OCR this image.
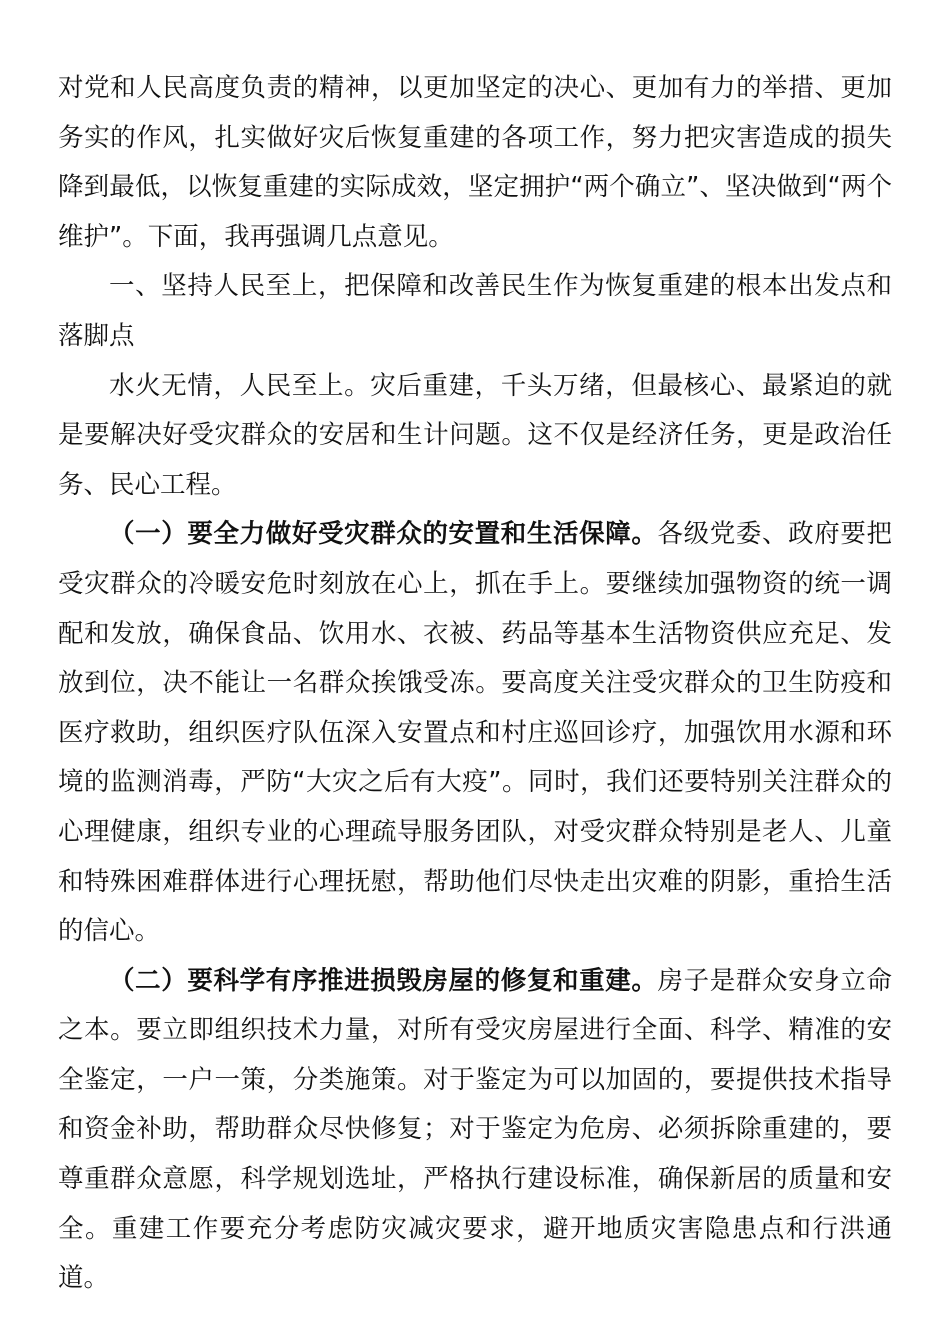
对党和人民高度负责的精神，以更加坚定的决心、更加有力的举措、更加务实的作风，扎实做好灾后恢复重建的各项工作，努力把灾害造成的损失降到最低，以恢复重建的实际成效，坚定拥护“两个确立”、坚决做到“两个维护”。下面，我再强调几点意见。

一、坚持人民至上，把保障和改善民生作为恢复重建的根本出发点和落脚点

水火无情，人民至上。灾后重建，千头万绪，但最核心、最紧迫的就是要解决好受灾群众的安居和生计问题。这不仅是经济任务，更是政治任务、民心工程。

（一）要全力做好受灾群众的安置和生活保障。各级党委、政府要把受灾群众的冷暖安危时刻放在心上，抓在手上。要继续加强物资的统一调配和发放，确保食品、饮用水、衣被、药品等基本生活物资供应充足、发放到位，决不能让一名群众挨饿受冻。要高度关注受灾群众的卫生防疫和医疗救助，组织医疗队伍深入安置点和村庄巡回诊疗，加强饮用水源和环境的监测消毒，严防“大灾之后有大疫”。同时，我们还要特别关注群众的心理健康，组织专业的心理疏导服务团队，对受灾群众特别是老人、儿童和特殊困难群体进行心理抚慰，帮助他们尽快走出灾难的阴影，重拾生活的信心。

（二）要科学有序推进损毁房屋的修复和重建。房子是群众安身立命之本。要立即组织技术力量，对所有受灾房屋进行全面、科学、精准的安全鉴定，一户一策，分类施策。对于鉴定为可以加固的，要提供技术指导和资金补助，帮助群众尽快修复；对于鉴定为危房、必须拆除重建的，要尊重群众意愿，科学规划选址，严格执行建设标准，确保新居的质量和安全。重建工作要充分考虑防灾减灾要求，避开地质灾害隐患点和行洪通道。
